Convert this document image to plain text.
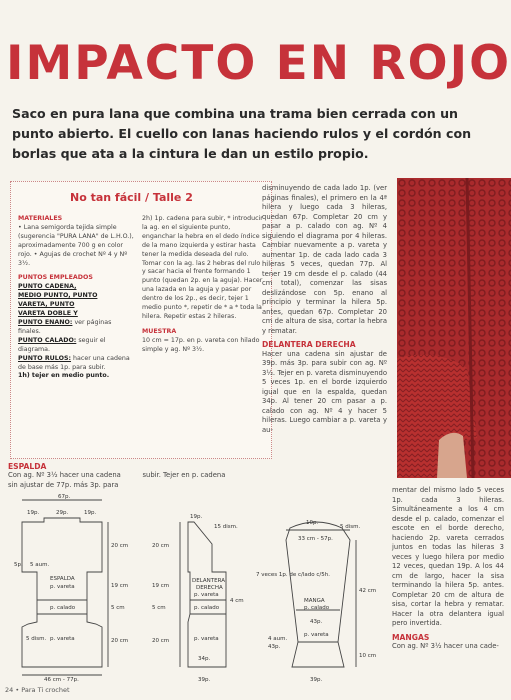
IMPACTO EN ROJO
Saco en pura lana que combina una trama bien cerrada con un punto abierto. El cuello con lanas haciendo rulos y el cordón con borlas que ata a la cintura le dan un estilo propio.
No tan fácil / Talle 2
MATERIALES
• Lana semigorda tejida simple (sugerencia "PURA LANA" de L.H.O.), aproximadamente 700 g en color rojo. • Agujas de crochet Nº 4 y Nº 3½.
PUNTOS EMPLEADOS
PUNTO CADENA,
MEDIO PUNTO, PUNTO
VARETA, PUNTO
VARETA DOBLE Y
PUNTO ENANO: ver páginas finales.
PUNTO CALADO: seguir el diagrama.
PUNTO RULOS: hacer una cadena de base más 1p. para subir.
1h) tejer en medio punto.
2h) 1p. cadena para subir, * introducir la ag. en el siguiente punto, enganchar la hebra en el dedo índice de la mano izquierda y estirar hasta tener la medida deseada del rulo. Tomar con la ag. las 2 hebras del rulo y sacar hacia el frente formando 1 punto (quedan 2p. en la aguja). Hacer una lazada en la aguja y pasar por dentro de los 2p., es decir, tejer 1 medio punto *, repetir de * a * toda la hilera. Repetir estas 2 hileras.
MUESTRA
10 cm = 17p. en p. vareta con hilado simple y ag. Nº 3½.
disminuyendo de cada lado 1p. (ver páginas finales), el primero en la 4ª hilera y luego cada 3 hileras, quedan 67p. Completar 20 cm y pasar a p. calado con ag. Nº 4 siguiendo el diagrama por 4 hileras. Cambiar nuevamente a p. vareta y aumentar 1p. de cada lado cada 3 hileras 5 veces, quedan 77p. Al tener 19 cm desde el p. calado (44 cm total), comenzar las sisas deslizándose con 5p. enano al principio y terminar la hilera 5p. antes, quedan 67p. Completar 20 cm de altura de sisa, cortar la hebra y rematar.
DELANTERA DERECHA
Hacer una cadena sin ajustar de 39p. más 3p. para subir con ag. Nº 3½. Tejer en p. vareta disminuyendo 5 veces 1p. en el borde izquierdo igual que en la espalda, quedan 34p. Al tener 20 cm pasar a p. calado con ag. Nº 4 y hacer 5 hileras. Luego cambiar a p. vareta y au-
ESPALDA
Con ag. Nº 3½ hacer una cadena sin ajustar de 77p. más 3p. para subir. Tejer en p. cadena
mentar del mismo lado 5 veces 1p. cada 3 hileras. Simultáneamente a los 4 cm desde el p. calado, comenzar el escote en el borde derecho, haciendo 2p. vareta cerrados juntos en todas las hileras 3 veces y luego hilera por medio 12 veces, quedan 19p. A los 44 cm de largo, hacer la sisa terminando la hilera 5p. antes. Completar 20 cm de altura de sisa, cortar la hebra y rematar. Hacer la otra delantera igual pero invertida.
MANGAS
Con ag. Nº 3½ hacer una cade-
67p.
19p.	29p.	19p.
5p. 5 aum.
ESPALDA
p. vareta
p. calado
5 dism. p. vareta
46 cm - 77p.
20 cm
19 cm
5 cm
20 cm
20 cm
19 cm
5 cm
20 cm
19p.
15 dism.
DELANTERA
DERECHA
p. vareta
p. calado
4 cm
p. vareta
39p.
34p.
10p.
5 dism.
33 cm - 57p.
7 veces 1p. de c/lado c/5h.
MANGA
p. calado
43p.
p. vareta
4 aum.
43p.
42 cm
10 cm
39p.
24 • Para Ti crochet
